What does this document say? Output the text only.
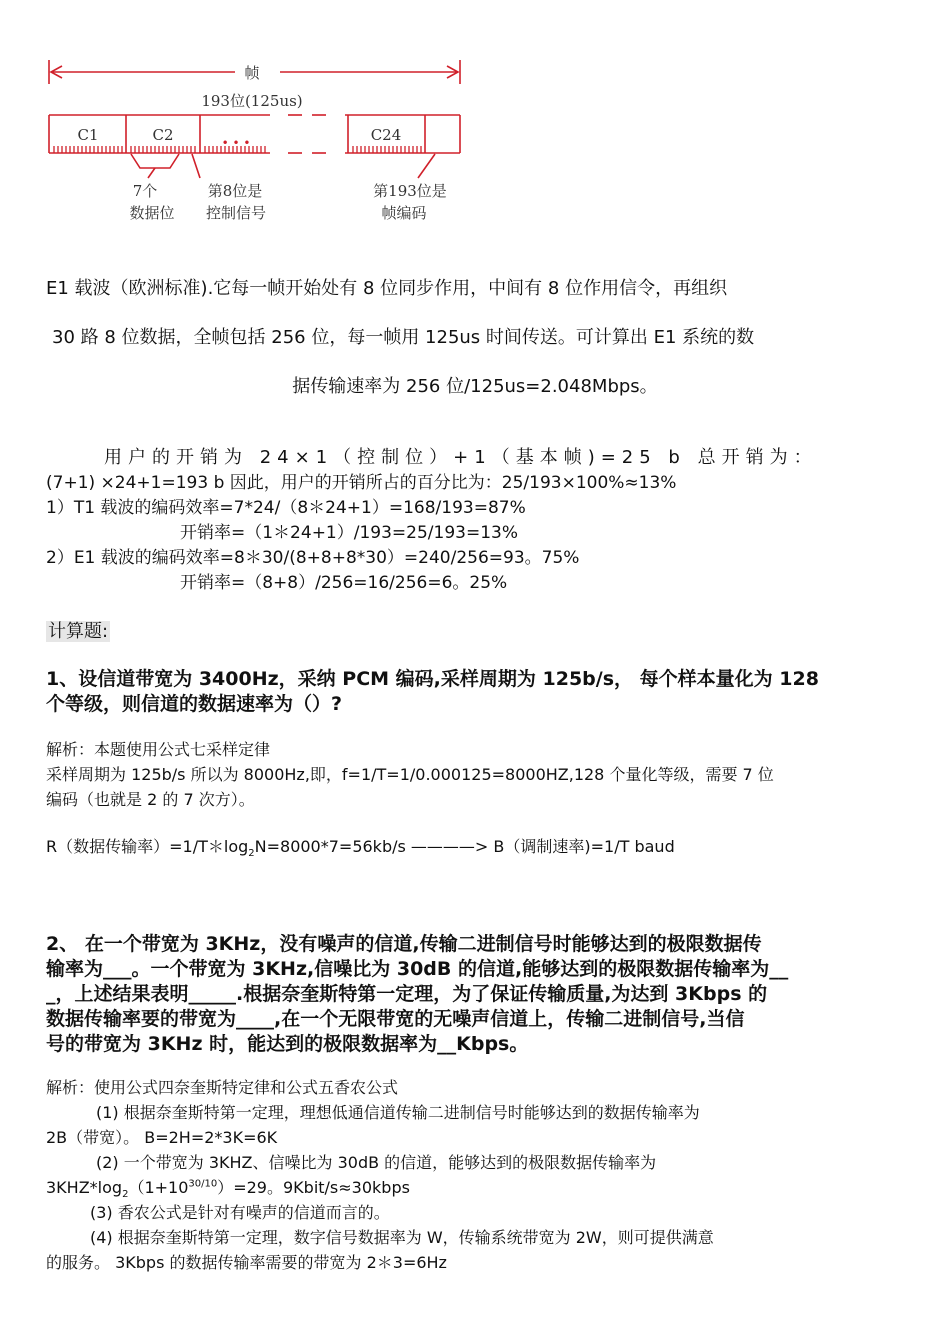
帧
193位(125us)
C1	C2	• • •	C24
7个
数据位
第8位是
控制信号
第193位是
帧编码
E1 载波（欧洲标准).它每一帧开始处有 8 位同步作用，中间有 8 位作用信令，再组织
30 路 8 位数据，全帧包括 256 位，每一帧用 125us 时间传送。可计算出 E1 系统的数
据传输速率为 256 位/125us=2.048Mbps。
用户的开销为 24×1（控制位）+1（基本帧)=25 b 总开销为：
(7+1) ×24+1=193 b 因此，用户的开销所占的百分比为：25/193×100%≈13%
1）T1 载波的编码效率=7*24/（8＊24+1）=168/193=87%
开销率=（1＊24+1）/193=25/193=13%
2）E1 载波的编码效率=8＊30/(8+8+8*30）=240/256=93。75%
开销率=（8+8）/256=16/256=6。25%
计算题:
1、设信道带宽为 3400Hz，采纳 PCM 编码,采样周期为 125b/s， 每个样本量化为 128
个等级，则信道的数据速率为（）?
解析：本题使用公式七采样定律
采样周期为 125b/s 所以为 8000Hz,即，f=1/T=1/0.000125=8000HZ,128 个量化等级，需要 7 位
编码（也就是 2 的 7 次方）。
R（数据传输率）$=1/T*\log_2N=8000*7=56kb/s$ ————> B（调制速率)=1/T baud
2、 在一个带宽为 3KHz，没有噪声的信道,传输二进制信号时能够达到的极限数据传
输率为___。一个带宽为 3KHz,信噪比为 30dB 的信道,能够达到的极限数据传输率为__
_，上述结果表明_____.根据奈奎斯特第一定理，为了保证传输质量,为达到 3Kbps 的
数据传输率要的带宽为____,在一个无限带宽的无噪声信道上，传输二进制信号,当信
号的带宽为 3KHz 时，能达到的极限数据率为__Kbps。
解析：使用公式四奈奎斯特定律和公式五香农公式
(1) 根据奈奎斯特第一定理，理想低通信道传输二进制信号时能够达到的数据传输率为
2B（带宽）。 B=2H=2*3K=6K
(2) 一个带宽为 3KHZ、信噪比为 30dB 的信道，能够达到的极限数据传输率为
$3KHZ*\log_2(1+10^{30/10})=29$。9Kbit/s≈30kbps
(3) 香农公式是针对有噪声的信道而言的。
(4) 根据奈奎斯特第一定理，数字信号数据率为 W，传输系统带宽为 2W，则可提供满意
的服务。 3Kbps 的数据传输率需要的带宽为 2＊3=6Hz
